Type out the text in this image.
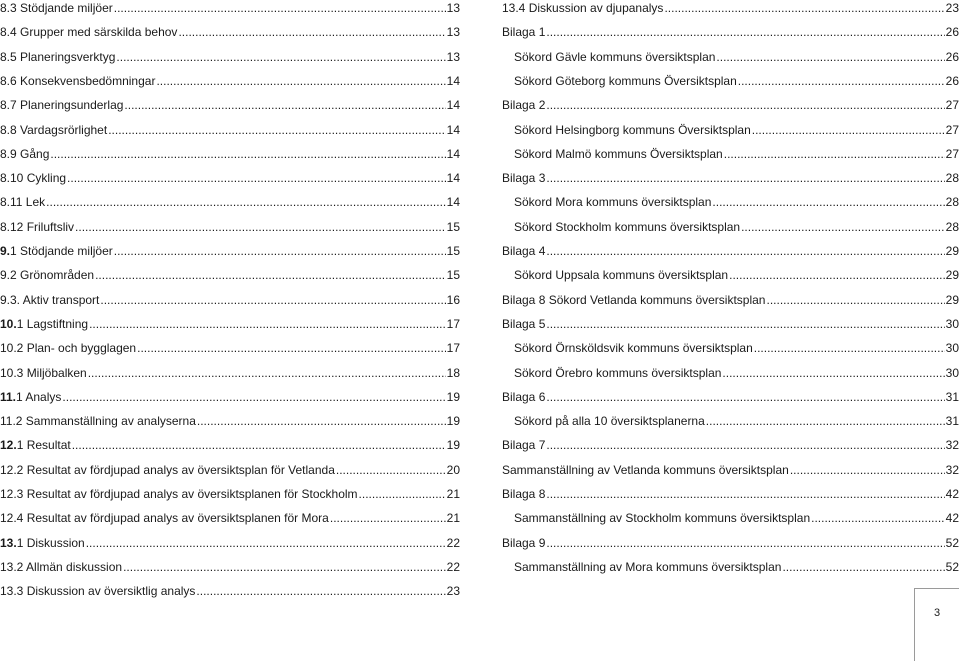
8.3 Stödjande miljöer .....	13
8.4 Grupper med särskilda behov .....	13
8.5 Planeringsverktyg .....	13
8.6 Konsekvensbedömningar .....	14
8.7 Planeringsunderlag .....	14
8.8 Vardagsrörlighet .....	14
8.9 Gång .....	14
8.10 Cykling .....	14
8.11 Lek .....	14
8.12 Friluftsliv .....	15
9. 1 Stödjande miljöer .....	15
9.2 Grönområden .....	15
9.3. Aktiv transport .....	16
10. 1 Lagstiftning .....	17
10.2 Plan- och bygglagen .....	17
10.3 Miljöbalken .....	18
11. 1 Analys .....	19
11.2 Sammanställning av analyserna .....	19
12. 1 Resultat .....	19
12.2 Resultat av fördjupad analys av översiktsplan för Vetlanda .....	20
12.3 Resultat av fördjupad analys av översiktsplanen för Stockholm .....	21
12.4 Resultat av fördjupad analys av översiktsplanen för Mora .....	21
13. 1 Diskussion .....	22
13.2 Allmän diskussion .....	22
13.3 Diskussion av översiktlig analys .....	23
13.4 Diskussion av djupanalys .....	23
Bilaga 1 .....	26
Sökord Gävle kommuns översiktsplan .....	26
Sökord Göteborg kommuns Översiktsplan .....	26
Bilaga 2 .....	27
Sökord Helsingborg kommuns Översiktsplan .....	27
Sökord Malmö kommuns Översiktsplan .....	27
Bilaga 3 .....	28
Sökord Mora kommuns översiktsplan .....	28
Sökord Stockholm kommuns översiktsplan .....	28
Bilaga 4 .....	29
Sökord Uppsala kommuns översiktsplan .....	29
Bilaga 8 Sökord Vetlanda kommuns översiktsplan .....	29
Bilaga 5 .....	30
Sökord Örnsköldsvik kommuns översiktsplan .....	30
Sökord Örebro kommuns översiktsplan .....	30
Bilaga 6 .....	31
Sökord på alla 10 översiktsplanerna .....	31
Bilaga 7 .....	32
Sammanställning av Vetlanda kommuns översiktsplan .....	32
Bilaga 8 .....	42
Sammanställning av Stockholm kommuns översiktsplan .....	42
Bilaga 9 .....	52
Sammanställning av Mora kommuns översiktsplan .....	52
3
